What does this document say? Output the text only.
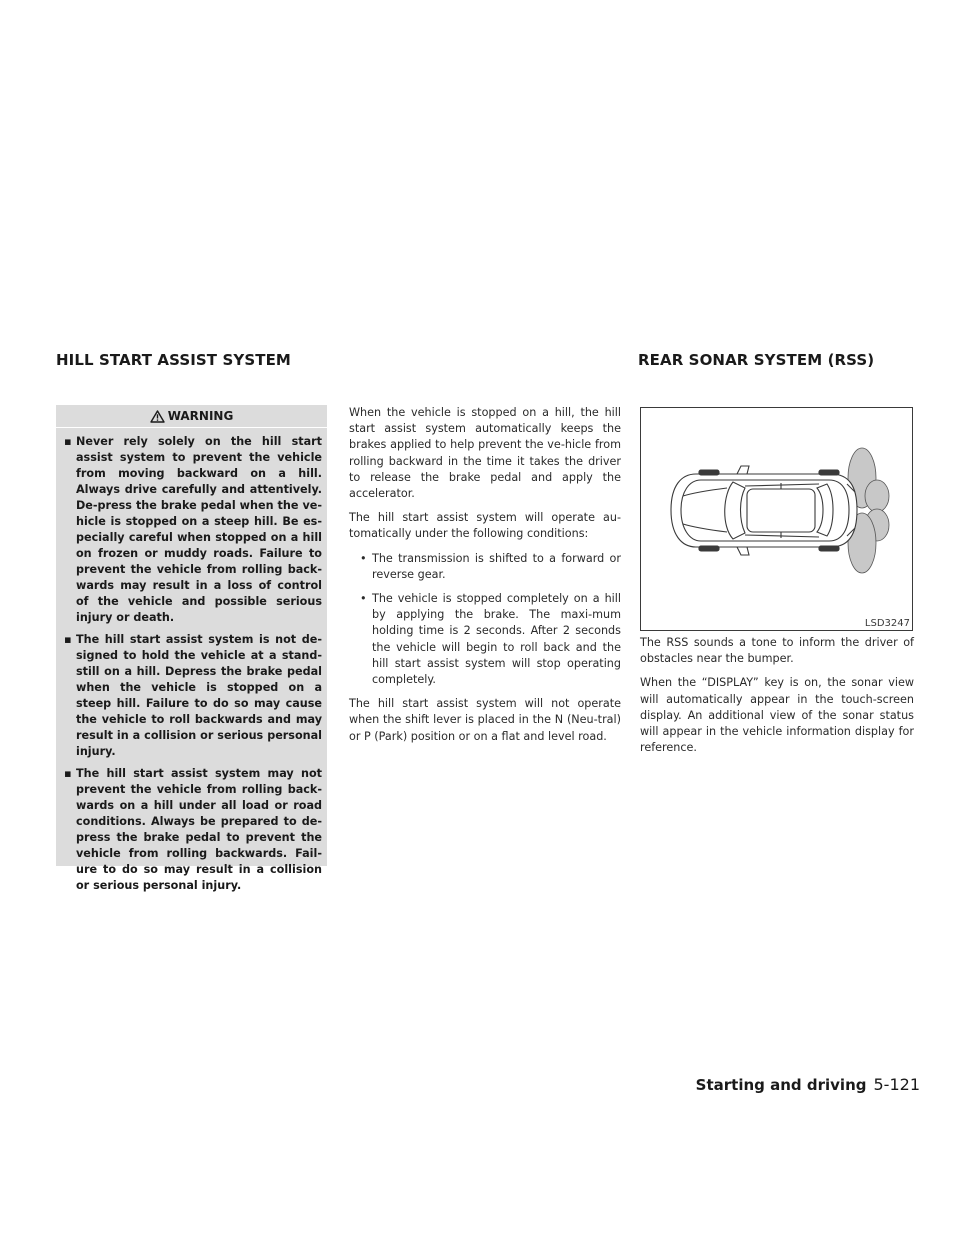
HILL START ASSIST SYSTEM	REAR SONAR SYSTEM (RSS)
WARNING
▪ Never rely solely on the hill start assist system to prevent the vehicle from moving backward on a hill. Always drive carefully and attentively. De-press the brake pedal when the ve-hicle is stopped on a steep hill. Be es-pecially careful when stopped on a hill on frozen or muddy roads. Failure to prevent the vehicle from rolling back-wards may result in a loss of control of the vehicle and possible serious injury or death.
▪ The hill start assist system is not de-signed to hold the vehicle at a stand-still on a hill. Depress the brake pedal when the vehicle is stopped on a steep hill. Failure to do so may cause the vehicle to roll backwards and may result in a collision or serious personal injury.
▪ The hill start assist system may not prevent the vehicle from rolling back-wards on a hill under all load or road conditions. Always be prepared to de-press the brake pedal to prevent the vehicle from rolling backwards. Fail-ure to do so may result in a collision or serious personal injury.

When the vehicle is stopped on a hill, the hill start assist system automatically keeps the brakes applied to help prevent the ve-hicle from rolling backward in the time it takes the driver to release the brake pedal and apply the accelerator.

The hill start assist system will operate au-tomatically under the following conditions:

• The transmission is shifted to a forward or reverse gear.
• The vehicle is stopped completely on a hill by applying the brake. The maxi-mum holding time is 2 seconds. After 2 seconds the vehicle will begin to roll back and the hill start assist system will stop operating completely.

The hill start assist system will not operate when the shift lever is placed in the N (Neu-tral) or P (Park) position or on a flat and level road.

LSD3247

The RSS sounds a tone to inform the driver of obstacles near the bumper.

When the “DISPLAY” key is on, the sonar view will automatically appear in the touch-screen display. An additional view of the sonar status will appear in the vehicle information display for reference.

Starting and driving 5-121
